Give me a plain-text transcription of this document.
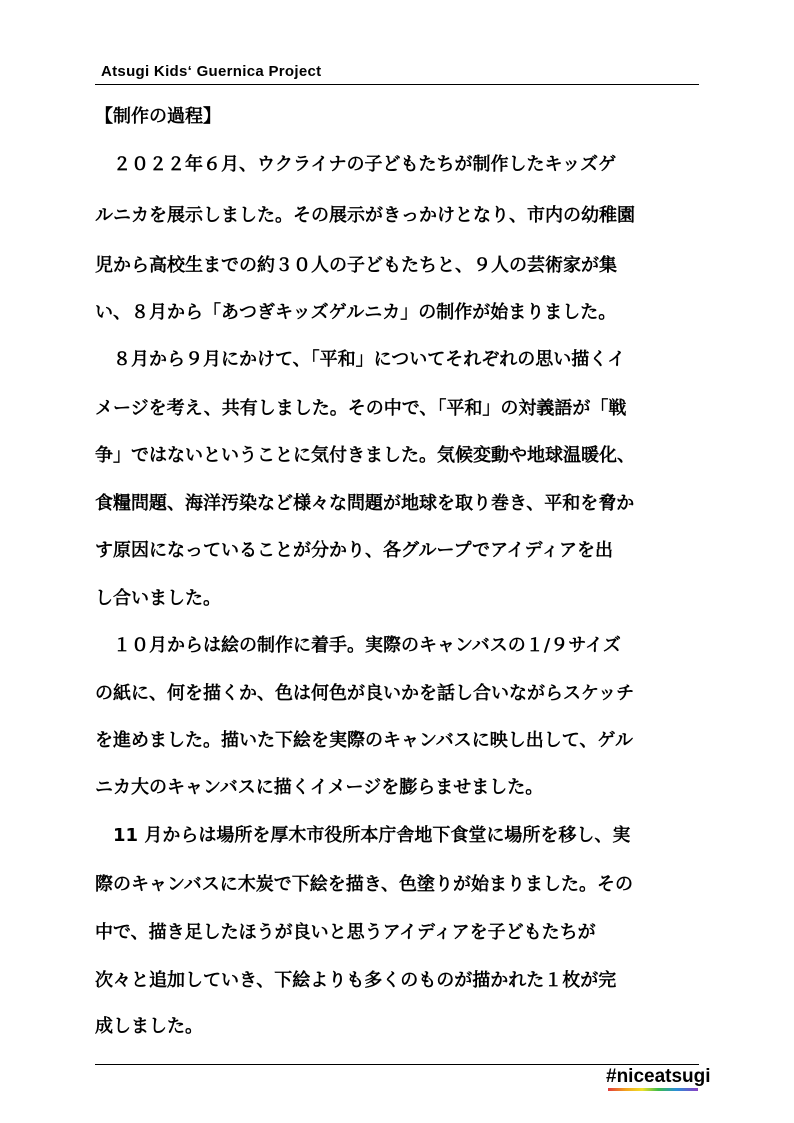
Atsugi Kids‘ Guernica Project
【制作の過程】
　２０２２年６月、ウクライナの子どもたちが制作したキッズゲ
ルニカを展示しました。その展示がきっかけとなり、市内の幼稚園
児から高校生までの約３０人の子どもたちと、９人の芸術家が集
い、８月から「あつぎキッズゲルニカ」の制作が始まりました。
　８月から９月にかけて、「平和」についてそれぞれの思い描くイ
メージを考え、共有しました。その中で、「平和」の対義語が「戦
争」ではないということに気付きました。気候変動や地球温暖化、
食糧問題、海洋汚染など様々な問題が地球を取り巻き、平和を脅か
す原因になっていることが分かり、各グループでアイディアを出
し合いました。
　１０月からは絵の制作に着手。実際のキャンバスの１/９サイズ
の紙に、何を描くか、色は何色が良いかを話し合いながらスケッチ
を進めました。描いた下絵を実際のキャンバスに映し出して、ゲル
ニカ大のキャンバスに描くイメージを膨らませました。
　11 月からは場所を厚木市役所本庁舎地下食堂に場所を移し、実
際のキャンバスに木炭で下絵を描き、色塗りが始まりました。その
中で、描き足したほうが良いと思うアイディアを子どもたちが
次々と追加していき、下絵よりも多くのものが描かれた１枚が完
成しました。
#niceatsugi
